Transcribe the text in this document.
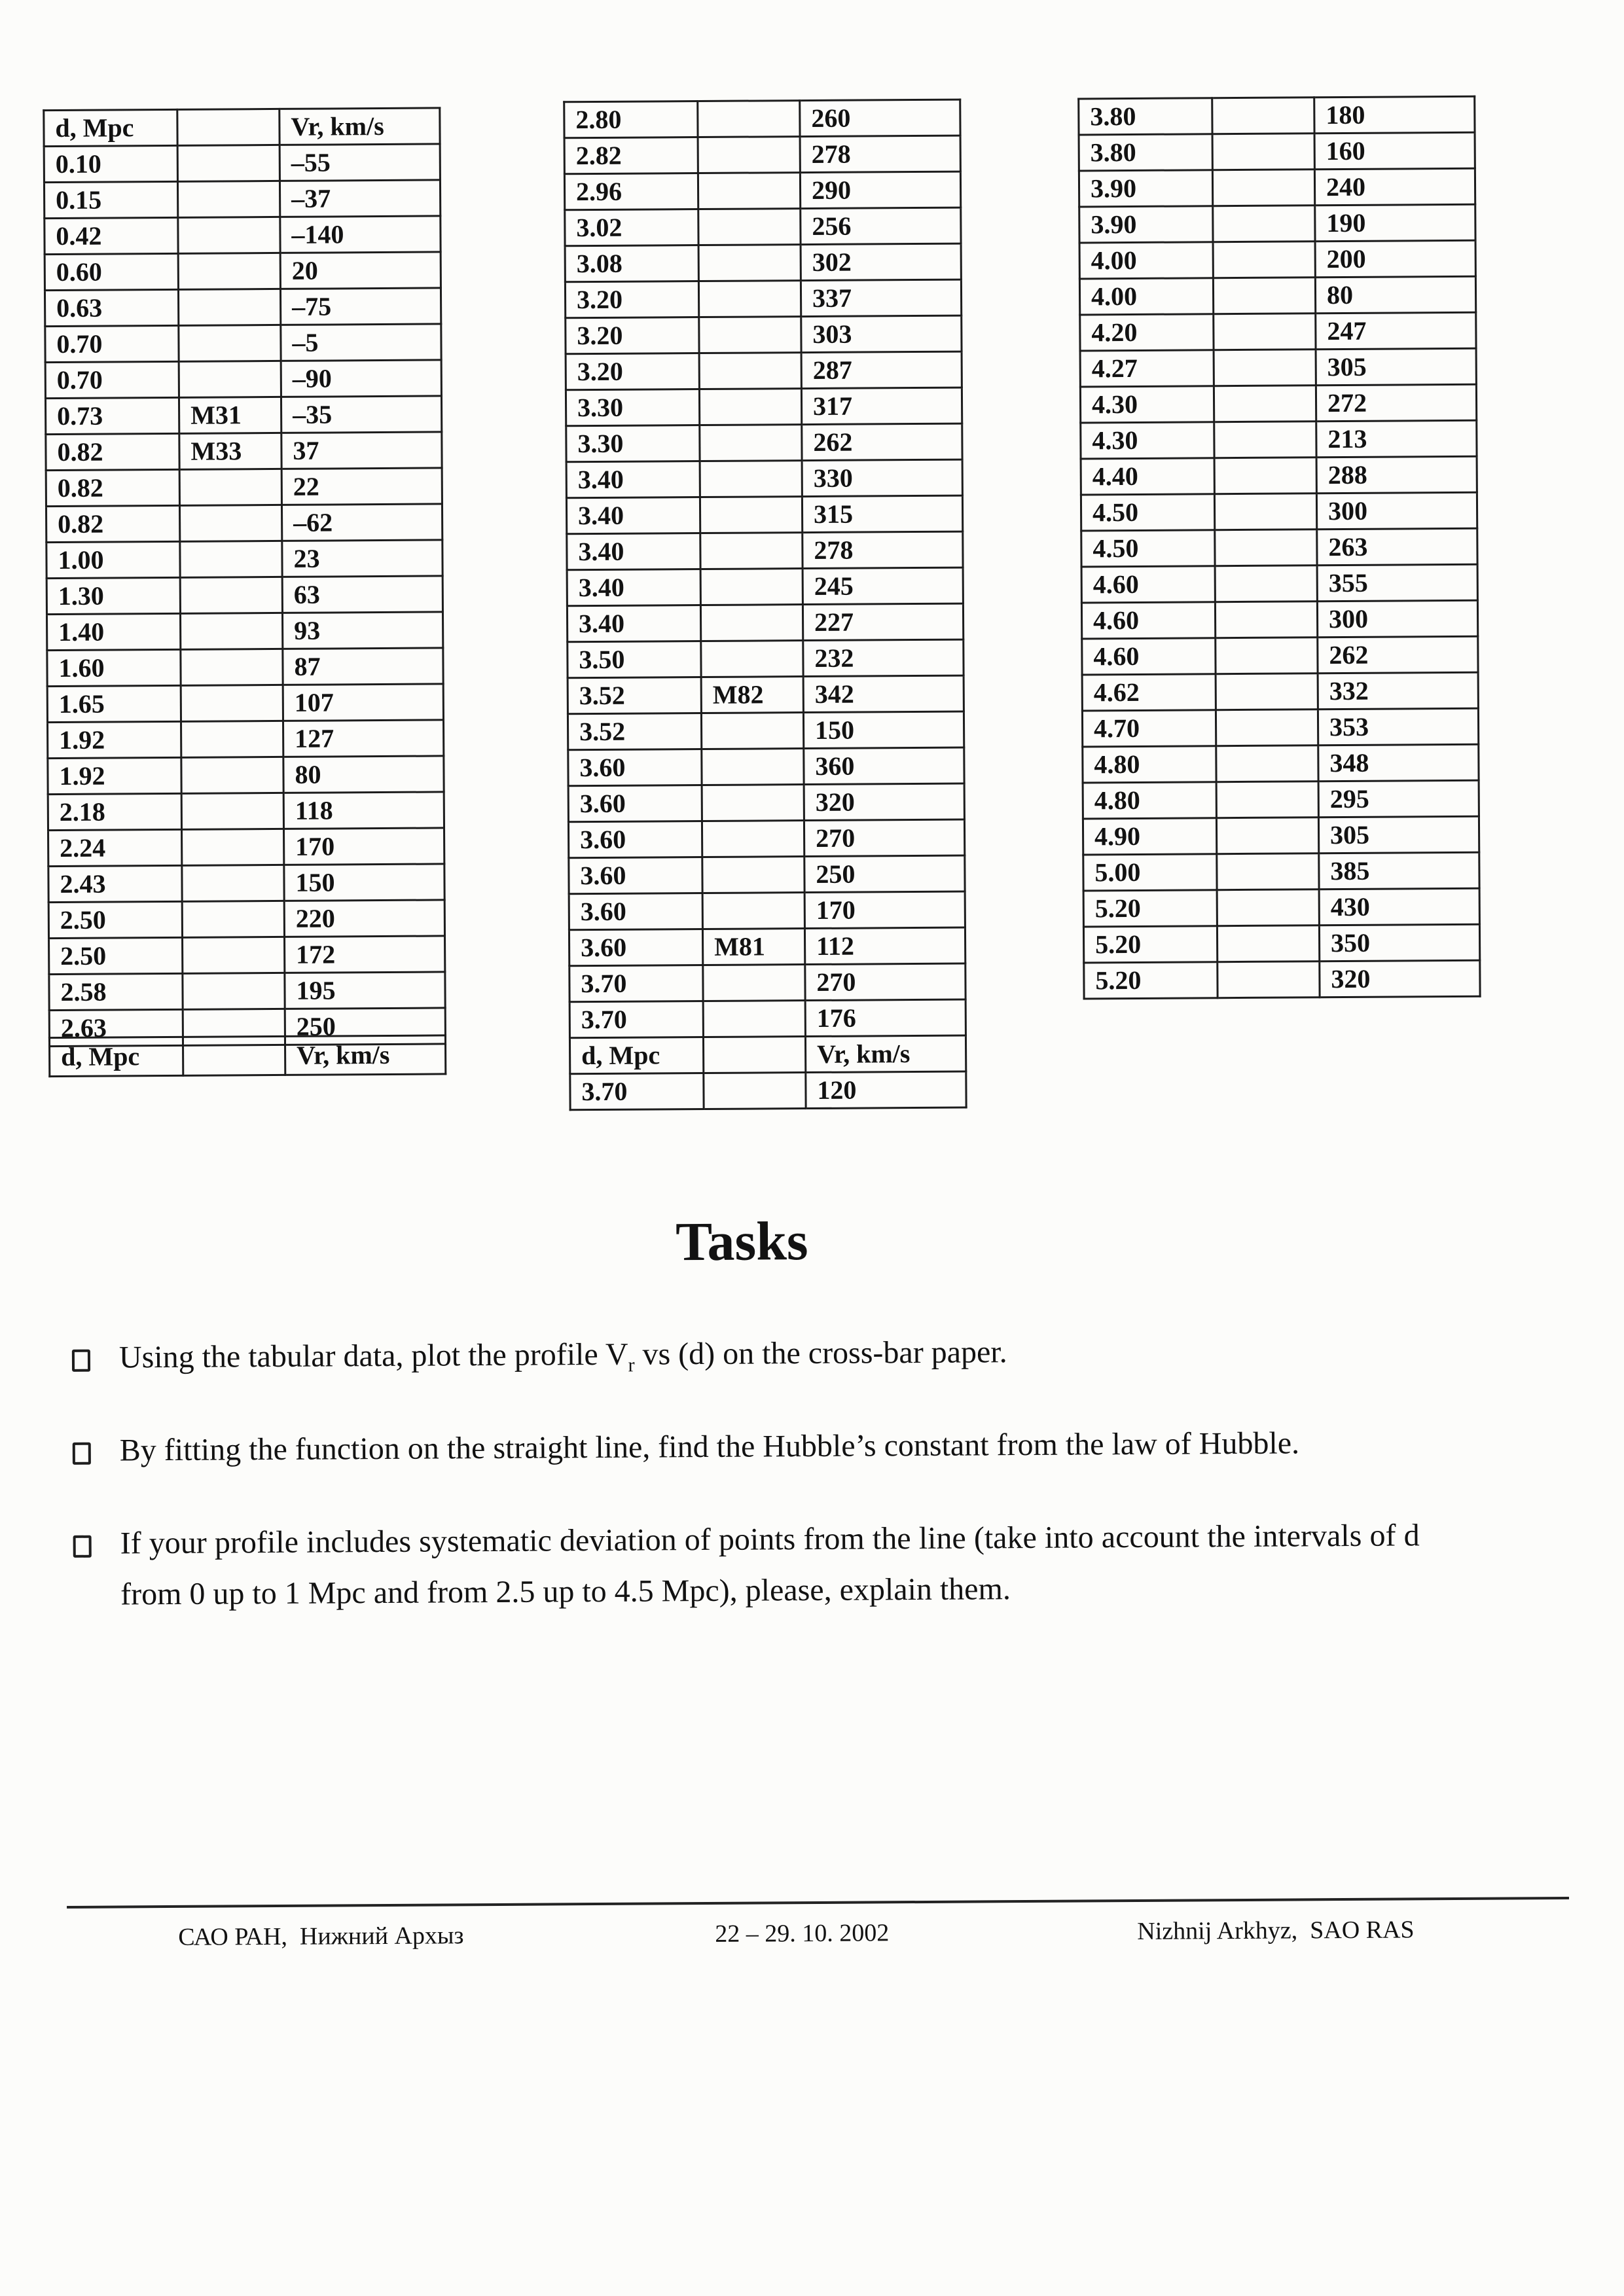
d, Mpc		Vr, km/s
0.10		–55
0.15		–37
0.42		–140
0.60		20
0.63		–75
0.70		–5
0.70		–90
0.73	M31	–35
0.82	M33	37
0.82		22
0.82		–62
1.00		23
1.30		63
1.40		93
1.60		87
1.65		107
1.92		127
1.92		80
2.18		118
2.24		170
2.43		150
2.50		220
2.50		172
2.58		195
2.63		250
d, Mpc		Vr, km/s
2.80		260
2.82		278
2.96		290
3.02		256
3.08		302
3.20		337
3.20		303
3.20		287
3.30		317
3.30		262
3.40		330
3.40		315
3.40		278
3.40		245
3.40		227
3.50		232
3.52	M82	342
3.52		150
3.60		360
3.60		320
3.60		270
3.60		250
3.60		170
3.60	M81	112
3.70		270
3.70		176
d, Mpc		Vr, km/s
3.70		120
3.80		180
3.80		160
3.90		240
3.90		190
4.00		200
4.00		80
4.20		247
4.27		305
4.30		272
4.30		213
4.40		288
4.50		300
4.50		263
4.60		355
4.60		300
4.60		262
4.62		332
4.70		353
4.80		348
4.80		295
4.90		305
5.00		385
5.20		430
5.20		350
5.20		320
Tasks

Using the tabular data, plot the profile $V_r$ vs (d) on the cross-bar paper.

By fitting the function on the straight line, find the Hubble’s constant from the law of Hubble.

If your profile includes systematic deviation of points from the line (take into account the intervals of d from 0 up to 1 Mpc and from 2.5 up to 4.5 Mpc), please, explain them.

САО РАН,  Нижний Архыз	22 – 29. 10. 2002	Nizhnij Arkhyz,  SAO RAS
